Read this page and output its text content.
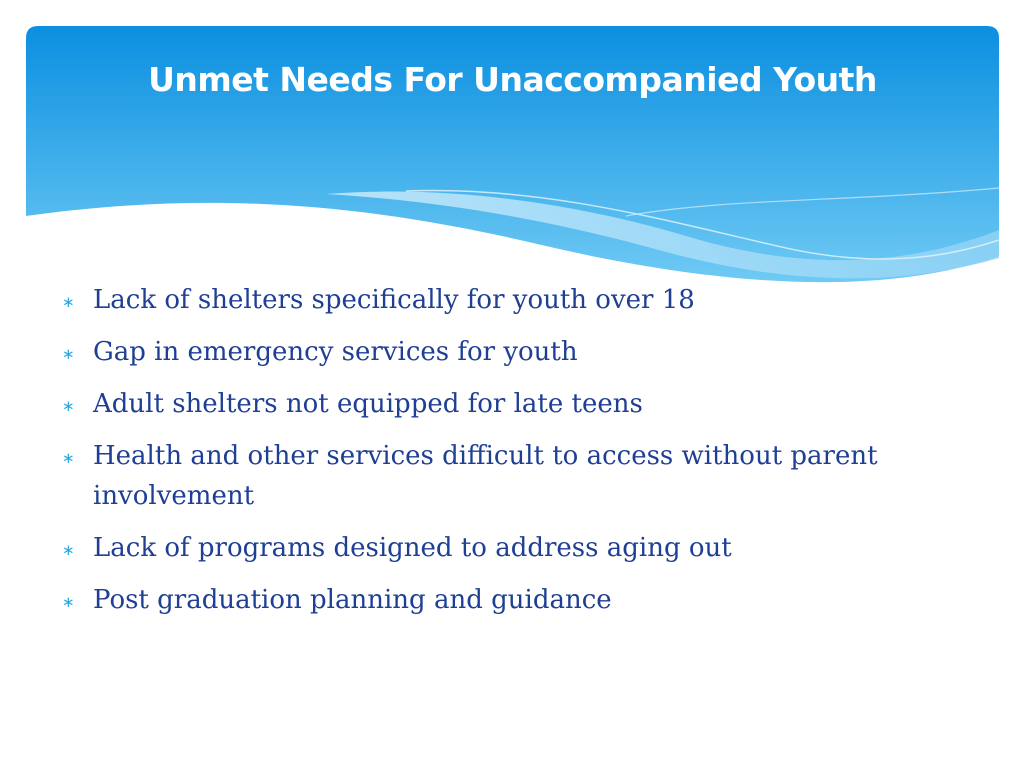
Unmet Needs For Unaccompanied Youth
∗ Lack of shelters specifically for youth over 18
∗ Gap in emergency services for youth
∗ Adult shelters not equipped for late teens
∗ Health and other services difficult to access without parent involvement
∗ Lack of programs designed to address aging out
∗ Post graduation planning and guidance
